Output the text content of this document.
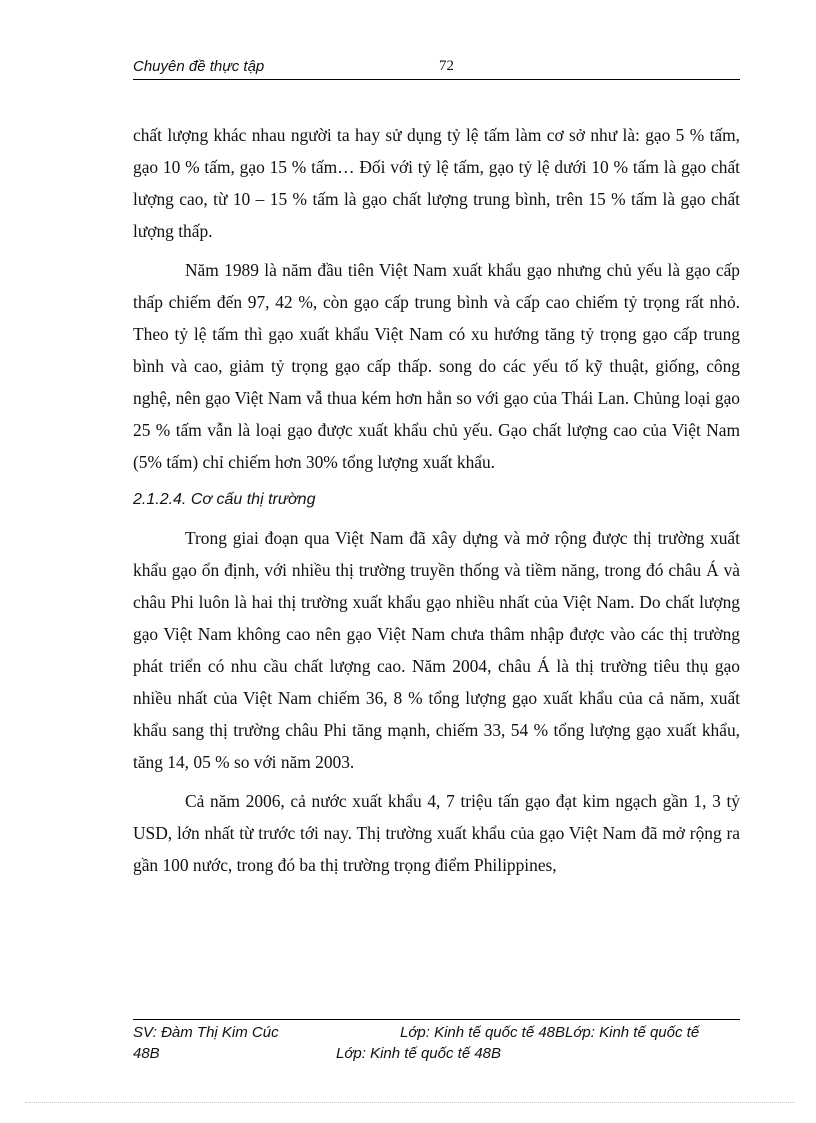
Chuyên đề thực tập	72

chất lượng khác nhau người ta hay sử dụng tỷ lệ tấm làm cơ sở như là: gạo 5 % tấm, gạo 10 % tấm, gạo 15 % tấm… Đối với tỷ lệ tấm, gạo tỷ lệ dưới 10 % tấm là gạo chất lượng cao, từ 10 – 15 % tấm là gạo chất lượng trung bình, trên 15 % tấm là gạo chất lượng thấp.

Năm 1989 là năm đầu tiên Việt Nam xuất khẩu gạo nhưng chủ yếu là gạo cấp thấp chiếm đến 97, 42 %, còn gạo cấp trung bình và cấp cao chiếm tỷ trọng rất nhỏ. Theo tỷ lệ tấm thì gạo xuất khẩu Việt Nam có xu hướng tăng tỷ trọng gạo cấp trung bình và cao, giảm tỷ trọng gạo cấp thấp. song do các yếu tố kỹ thuật, giống, công nghệ, nên gạo Việt Nam vẫ thua kém hơn hẳn so với gạo của Thái Lan. Chủng loại gạo 25 % tấm vẫn là loại gạo được xuất khẩu chủ yếu. Gạo chất lượng cao của Việt Nam (5% tấm) chỉ chiếm hơn 30% tổng lượng xuất khẩu.

2.1.2.4. Cơ cấu thị trường

Trong giai đoạn qua Việt Nam đã xây dựng và mở rộng được thị trường xuất khẩu gạo ổn định, với nhiều thị trường truyền thống và tiềm năng, trong đó châu Á và châu Phi luôn là hai thị trường xuất khẩu gạo nhiều nhất của Việt Nam. Do chất lượng gạo Việt Nam không cao nên gạo Việt Nam chưa thâm nhập được vào các thị trường phát triển có nhu cầu chất lượng cao. Năm 2004, châu Á là thị trường tiêu thụ gạo nhiều nhất của Việt Nam chiếm 36, 8 % tổng lượng gạo xuất khẩu của cả năm, xuất khẩu sang thị trường châu Phi tăng mạnh, chiếm 33, 54 % tổng lượng gạo xuất khẩu, tăng 14, 05 % so với năm 2003.

Cả năm 2006, cả nước xuất khẩu 4, 7 triệu tấn gạo đạt kim ngạch gần 1, 3 tỷ USD, lớn nhất từ trước tới nay. Thị trường xuất khẩu của gạo Việt Nam đã mở rộng ra gần 100 nước, trong đó ba thị trường trọng điểm Philippines,

SV: Đàm Thị Kim Cúc	Lớp: Kinh tế quốc tế 48BLớp: Kinh tế quốc tế
48B	Lớp: Kinh tế quốc tế 48B
